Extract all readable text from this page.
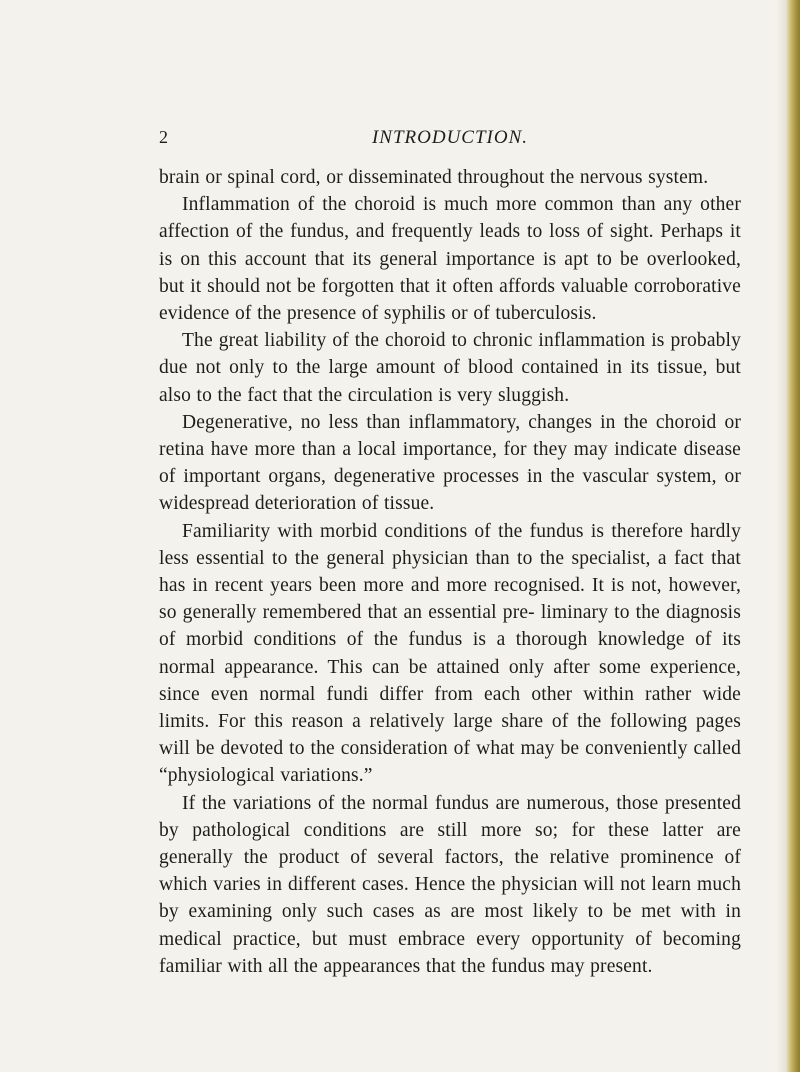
2	INTRODUCTION.

brain or spinal cord, or disseminated throughout the nervous system.

Inflammation of the choroid is much more common than any other affection of the fundus, and frequently leads to loss of sight. Perhaps it is on this account that its general importance is apt to be overlooked, but it should not be forgotten that it often affords valuable corroborative evidence of the presence of syphilis or of tuberculosis.

The great liability of the choroid to chronic inflammation is probably due not only to the large amount of blood contained in its tissue, but also to the fact that the circulation is very sluggish.

Degenerative, no less than inflammatory, changes in the choroid or retina have more than a local importance, for they may indicate disease of important organs, degenerative processes in the vascular system, or widespread deterioration of tissue.

Familiarity with morbid conditions of the fundus is therefore hardly less essential to the general physician than to the specialist, a fact that has in recent years been more and more recognised. It is not, however, so generally remembered that an essential pre- liminary to the diagnosis of morbid conditions of the fundus is a thorough knowledge of its normal appearance. This can be attained only after some experience, since even normal fundi differ from each other within rather wide limits. For this reason a relatively large share of the following pages will be devoted to the consideration of what may be conveniently called “physiological variations.”

If the variations of the normal fundus are numerous, those presented by pathological conditions are still more so; for these latter are generally the product of several factors, the relative prominence of which varies in different cases. Hence the physician will not learn much by examining only such cases as are most likely to be met with in medical practice, but must embrace every opportunity of becoming familiar with all the appearances that the fundus may present.
